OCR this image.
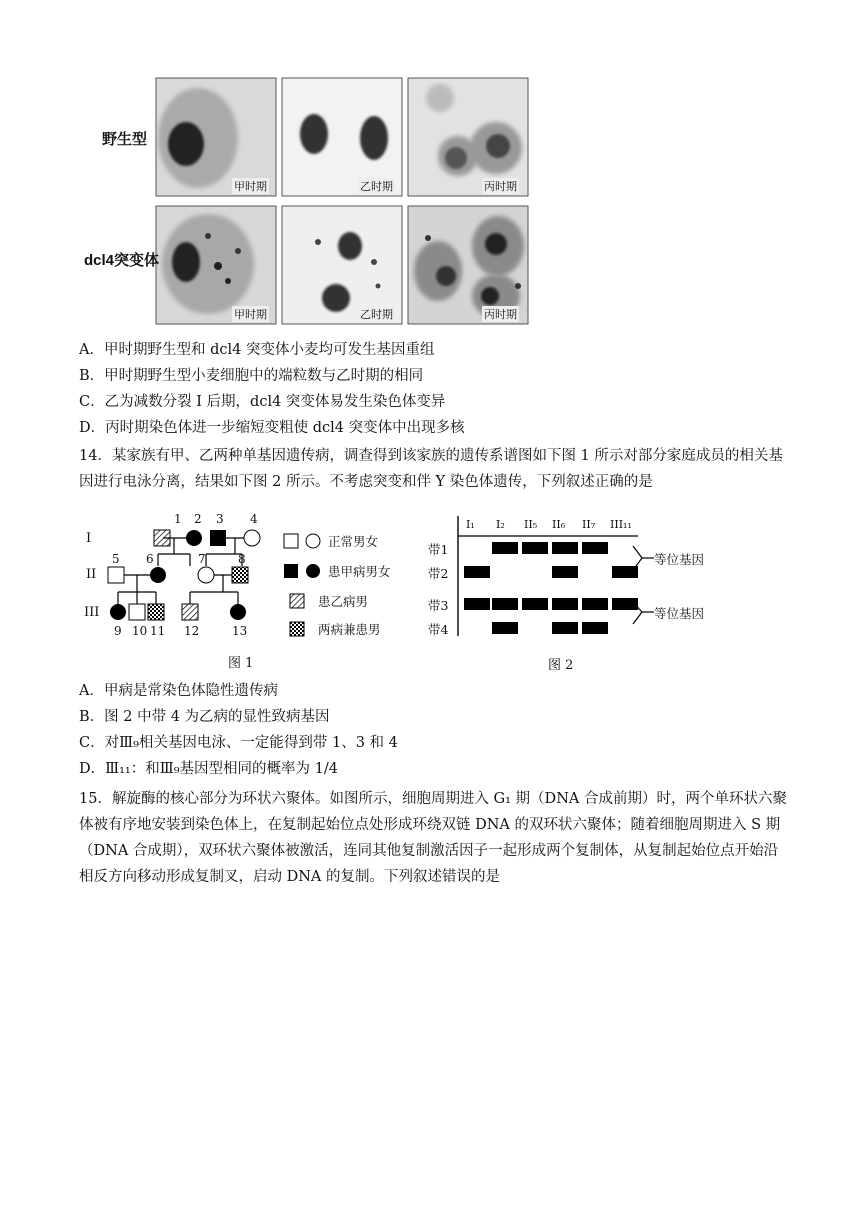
野生型
dcl4突变体
甲时期	乙时期	丙时期
甲时期	乙时期	丙时期
A．甲时期野生型和 dcl4 突变体小麦均可发生基因重组
B．甲时期野生型小麦细胞中的端粒数与乙时期的相同
C．乙为减数分裂 I 后期，dcl4 突变体易发生染色体变异
D．丙时期染色体进一步缩短变粗使 dcl4 突变体中出现多核
14．某家族有甲、乙两种单基因遗传病，调查得到该家族的遗传系谱图如下图 1 所示对部分家庭成员的相关基因进行电泳分离，结果如下图 2 所示。不考虑突变和伴 Y 染色体遗传，下列叙述正确的是
I
II
III
1 2 3 4
5 6	7	8
9 10 11 12	13
正常男女
患甲病男女
患乙病男
两病兼患男
图 1
I₁ I₂ II₅ II₆ II₇ III₁₁
带1
带2
带3
带4
等位基因
等位基因
图 2
A．甲病是常染色体隐性遗传病
B．图 2 中带 4 为乙病的显性致病基因
C．对Ⅲ₉相关基因电泳、一定能得到带 1、3 和 4
D．Ⅲ₁₁：和Ⅲ₉基因型相同的概率为 1/4
15．解旋酶的核心部分为环状六聚体。如图所示，细胞周期进入 G₁ 期（DNA 合成前期）时，两个单环状六聚体被有序地安装到染色体上，在复制起始位点处形成环绕双链 DNA 的双环状六聚体；随着细胞周期进入 S 期（DNA 合成期），双环状六聚体被激活，连同其他复制激活因子一起形成两个复制体，从复制起始位点开始沿相反方向移动形成复制叉，启动 DNA 的复制。下列叙述错误的是
